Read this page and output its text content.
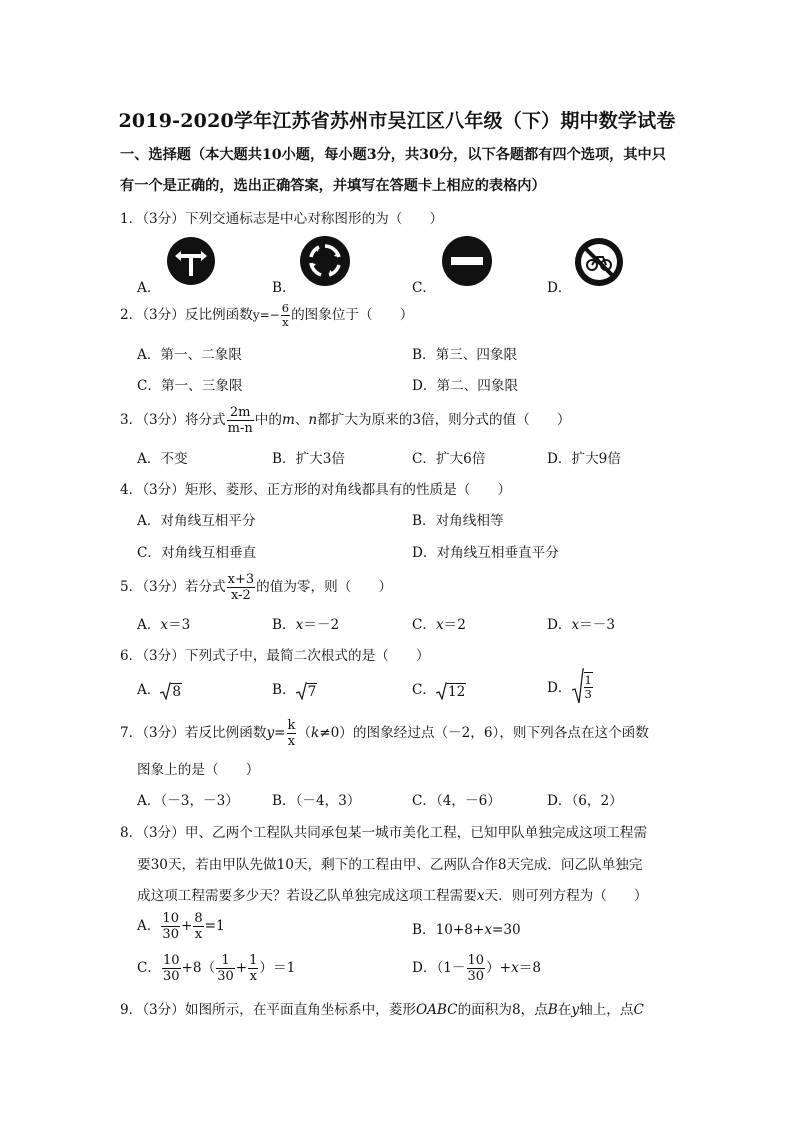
2019-2020学年江苏省苏州市吴江区八年级（下）期中数学试卷
一、选择题（本大题共10小题，每小题3分，共30分，以下各题都有四个选项，其中只有一个是正确的，选出正确答案，并填写在答题卡上相应的表格内）
1．（3分）下列交通标志是中心对称图形的为（　　）
A．	B．	C．	D．
2．（3分）反比例函数$y=- \frac{6}{x}$ 的图象位于（　　）
A．第一、二象限	B．第三、四象限
C．第一、三象限	D．第二、四象限
3．（3分）将分式 $\frac{2m}{m-n}$ 中的m、n都扩大为原来的3倍，则分式的值（　　）
A．不变	B．扩大3倍	C．扩大6倍	D．扩大9倍
4．（3分）矩形、菱形、正方形的对角线都具有的性质是（　　）
A．对角线互相平分	B．对角线相等
C．对角线互相垂直	D．对角线互相垂直平分
5．（3分）若分式 $\frac{x+3}{x-2}$ 的值为零，则（　　）
A．x＝3	B．x＝－2	C．x＝2	D．x＝－3
6．（3分）下列式子中，最简二次根式的是（　　）
A． 8	B． 7	C． 12	D． $\frac{1}{3}$
7．（3分）若反比例函数$y= \frac{k}{x} (k\ne 0)$的图象经过点（－2，6），则下列各点在这个函数
图象上的是（　　）
A．（－3，－3） B．（－4，3）	C．（4，－6）	D．（6，2）
8．（3分）甲、乙两个工程队共同承包某一城市美化工程，已知甲队单独完成这项工程需
要30天，若由甲队先做10天，剩下的工程由甲、乙两队合作8天完成．问乙队单独完
成这项工程需要多少天？若设乙队单独完成这项工程需要x天．则可列方程为（　　）
A． $\frac{10}{30} + \frac{8}{x} =1$	B．10+8+x=30
C． $\frac{10}{30} +8( \frac{1}{30} + \frac{1}{x} )=1$	D．$(1- \frac{10}{30} )+x=8$
9．（3分）如图所示，在平面直角坐标系中，菱形OABC的面积为8，点B在y轴上，点C
